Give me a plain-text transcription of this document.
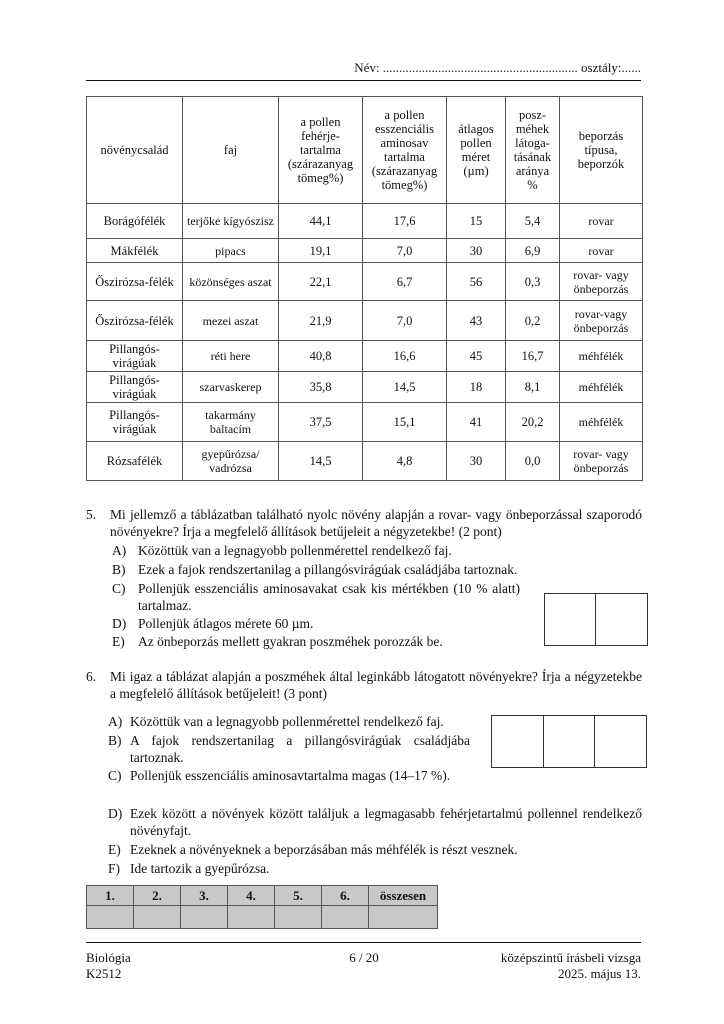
Név: ............................................................ osztály:......
növénycsalád	faj	a pollen
fehérje-
tartalma
(szárazanyag
tömeg%)	a pollen
esszenciális
aminosav
tartalma
(szárazanyag
tömeg%)	átlagos
pollen
méret
(µm)	posz-
méhek
látoga-
tásának
aránya
%	beporzás
típusa,
beporzók
Borágófélék	terjőke kígyószisz	44,1	17,6	15	5,4	rovar
Mákfélék	pipacs	19,1	7,0	30	6,9	rovar
Őszirózsa-félék	közönséges aszat	22,1	6,7	56	0,3	rovar- vagy önbeporzás
Őszirózsa-félék	mezei aszat	21,9	7,0	43	0,2	rovar-vagy önbeporzás
Pillangós-virágúak	réti here	40,8	16,6	45	16,7	méhfélék
Pillangós-virágúak	szarvaskerep	35,8	14,5	18	8,1	méhfélék
Pillangós-virágúak	takarmány baltacím	37,5	15,1	41	20,2	méhfélék
Rózsafélék	gyepűrózsa/ vadrózsa	14,5	4,8	30	0,0	rovar- vagy önbeporzás
5. Mi jellemző a táblázatban található nyolc növény alapján a rovar- vagy önbeporzással szaporodó növényekre? Írja a megfelelő állítások betűjeleit a négyzetekbe! (2 pont)
A) Közöttük van a legnagyobb pollenmérettel rendelkező faj.
B) Ezek a fajok rendszertanilag a pillangósvirágúak családjába tartoznak.
C) Pollenjük esszenciális aminosavakat csak kis mértékben (10 % alatt) tartalmaz.
D) Pollenjük átlagos mérete 60 µm.
E) Az önbeporzás mellett gyakran poszméhek porozzák be.
6. Mi igaz a táblázat alapján a poszméhek által leginkább látogatott növényekre? Írja a négyzetekbe a megfelelő állítások betűjeleit! (3 pont)
A) Közöttük van a legnagyobb pollenmérettel rendelkező faj.
B) A fajok rendszertanilag a pillangósvirágúak családjába tartoznak.
C) Pollenjük esszenciális aminosavtartalma magas (14–17 %).
D) Ezek között a növények között találjuk a legmagasabb fehérjetartalmú pollennel rendelkező növényfajt.
E) Ezeknek a növényeknek a beporzásában más méhfélék is részt vesznek.
F) Ide tartozik a gyepűrózsa.
1.	2.	3.	4.	5.	6.	összesen

Biológia
K2512
6 / 20	középszintű írásbeli vizsga
2025. május 13.
